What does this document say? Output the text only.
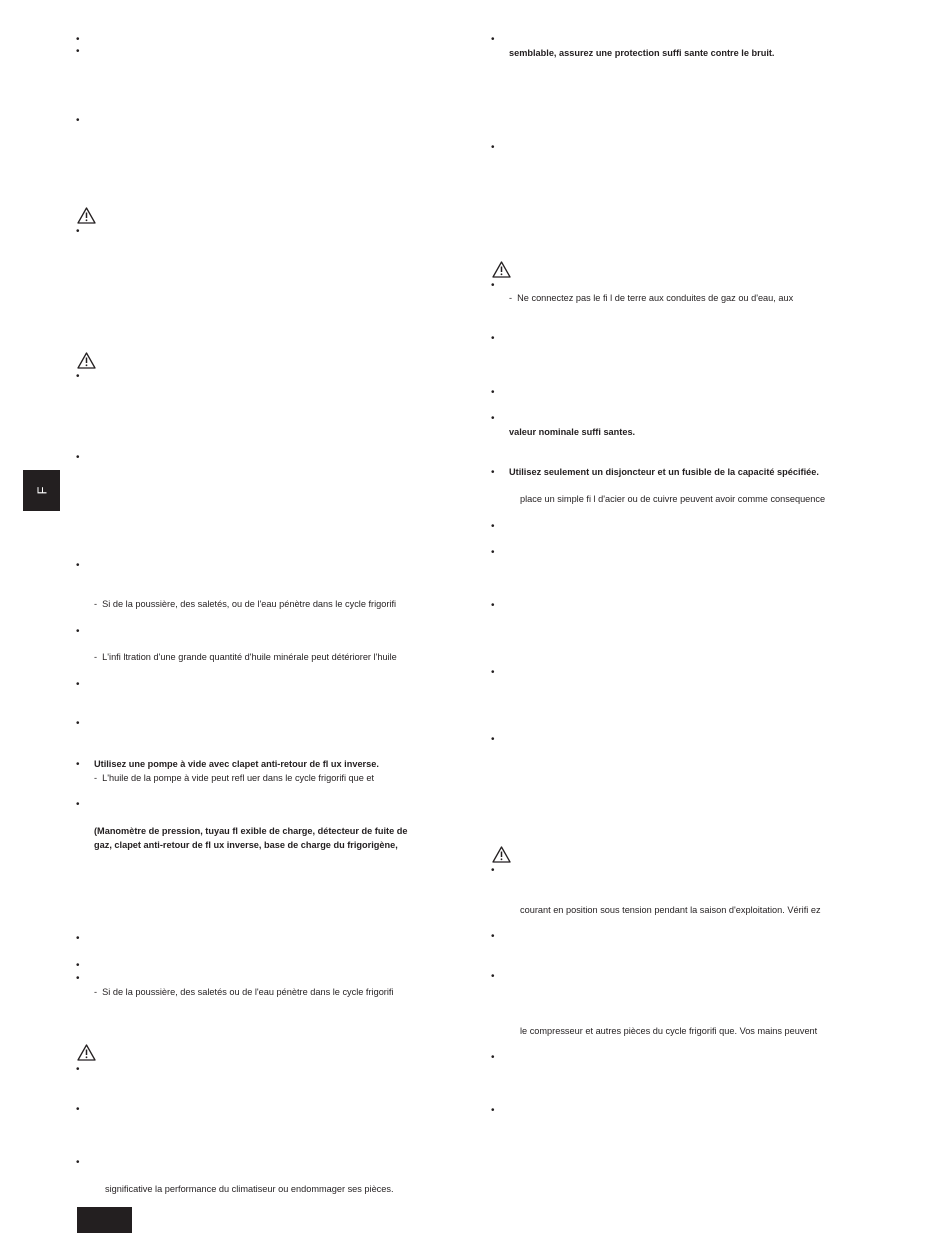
F
•
•
•
•
•
•
•
•
•
•
•
•
•
•
•
•
•
•
-  Si de la poussière, des saletés, ou de l'eau pénètre dans le cycle frigorifi
-  L'infi ltration d'une grande quantité d'huile minérale peut détériorer l'huile
Utilisez une pompe à vide avec clapet anti-retour de fl ux inverse.
-  L'huile de la pompe à vide peut refl uer dans le cycle frigorifi que et
(Manomètre de pression, tuyau fl exible de charge, détecteur de fuite de
gaz, clapet anti-retour de fl ux inverse, base de charge du frigorigène,
-  Si de la poussière, des saletés ou de l'eau pénètre dans le cycle frigorifi
significative la performance du climatiseur ou endommager ses pièces.
•
•
•
•
•
•
•
•
•
•
•
•
•
•
•
•
•
semblable, assurez une protection suffi sante contre le bruit.
-  Ne connectez pas le fi l de terre aux conduites de gaz ou d'eau, aux
valeur nominale suffi santes.
Utilisez seulement un disjoncteur et un fusible de la capacité spécifiée.
place un simple fi l d'acier ou de cuivre peuvent avoir comme consequence
courant en position sous tension pendant la saison d'exploitation. Vérifi ez
le compresseur et autres pièces du cycle frigorifi que. Vos mains peuvent
